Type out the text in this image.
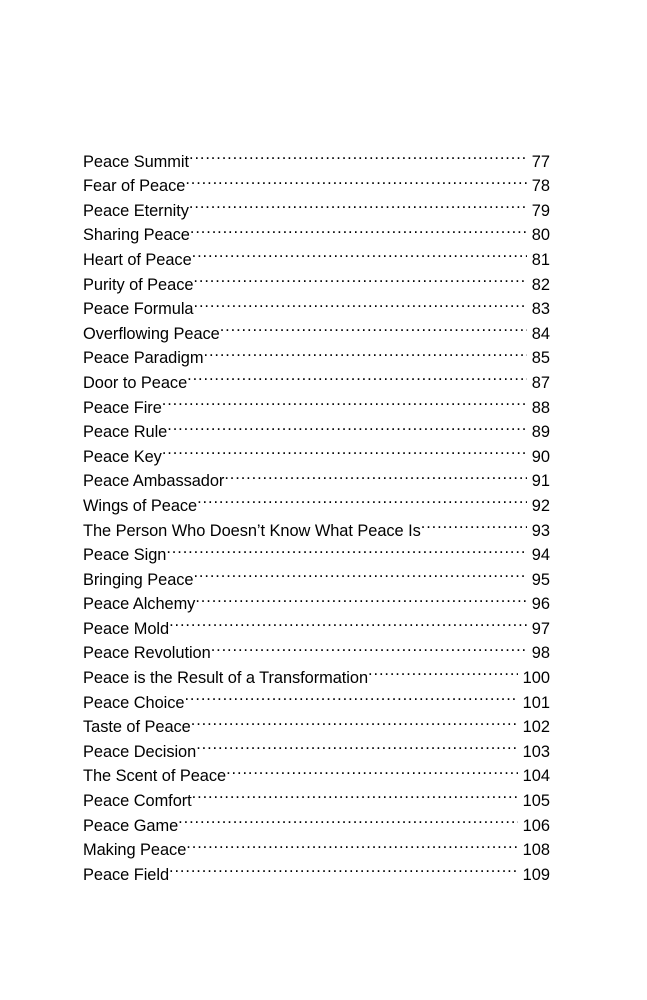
Peace Summit .....	77
Fear of Peace .....	78
Peace Eternity .....	79
Sharing Peace .....	80
Heart of Peace .....	81
Purity of Peace .....	82
Peace Formula .....	83
Overflowing Peace .....	84
Peace Paradigm .....	85
Door to Peace .....	87
Peace Fire .....	88
Peace Rule .....	89
Peace Key .....	90
Peace Ambassador .....	91
Wings of Peace .....	92
The Person Who Doesn’t Know What Peace Is .....	93
Peace Sign .....	94
Bringing Peace .....	95
Peace Alchemy .....	96
Peace Mold .....	97
Peace Revolution .....	98
Peace is the Result of a Transformation .....	100
Peace Choice .....	101
Taste of Peace .....	102
Peace Decision .....	103
The Scent of Peace .....	104
Peace Comfort .....	105
Peace Game .....	106
Making Peace .....	108
Peace Field .....	109
